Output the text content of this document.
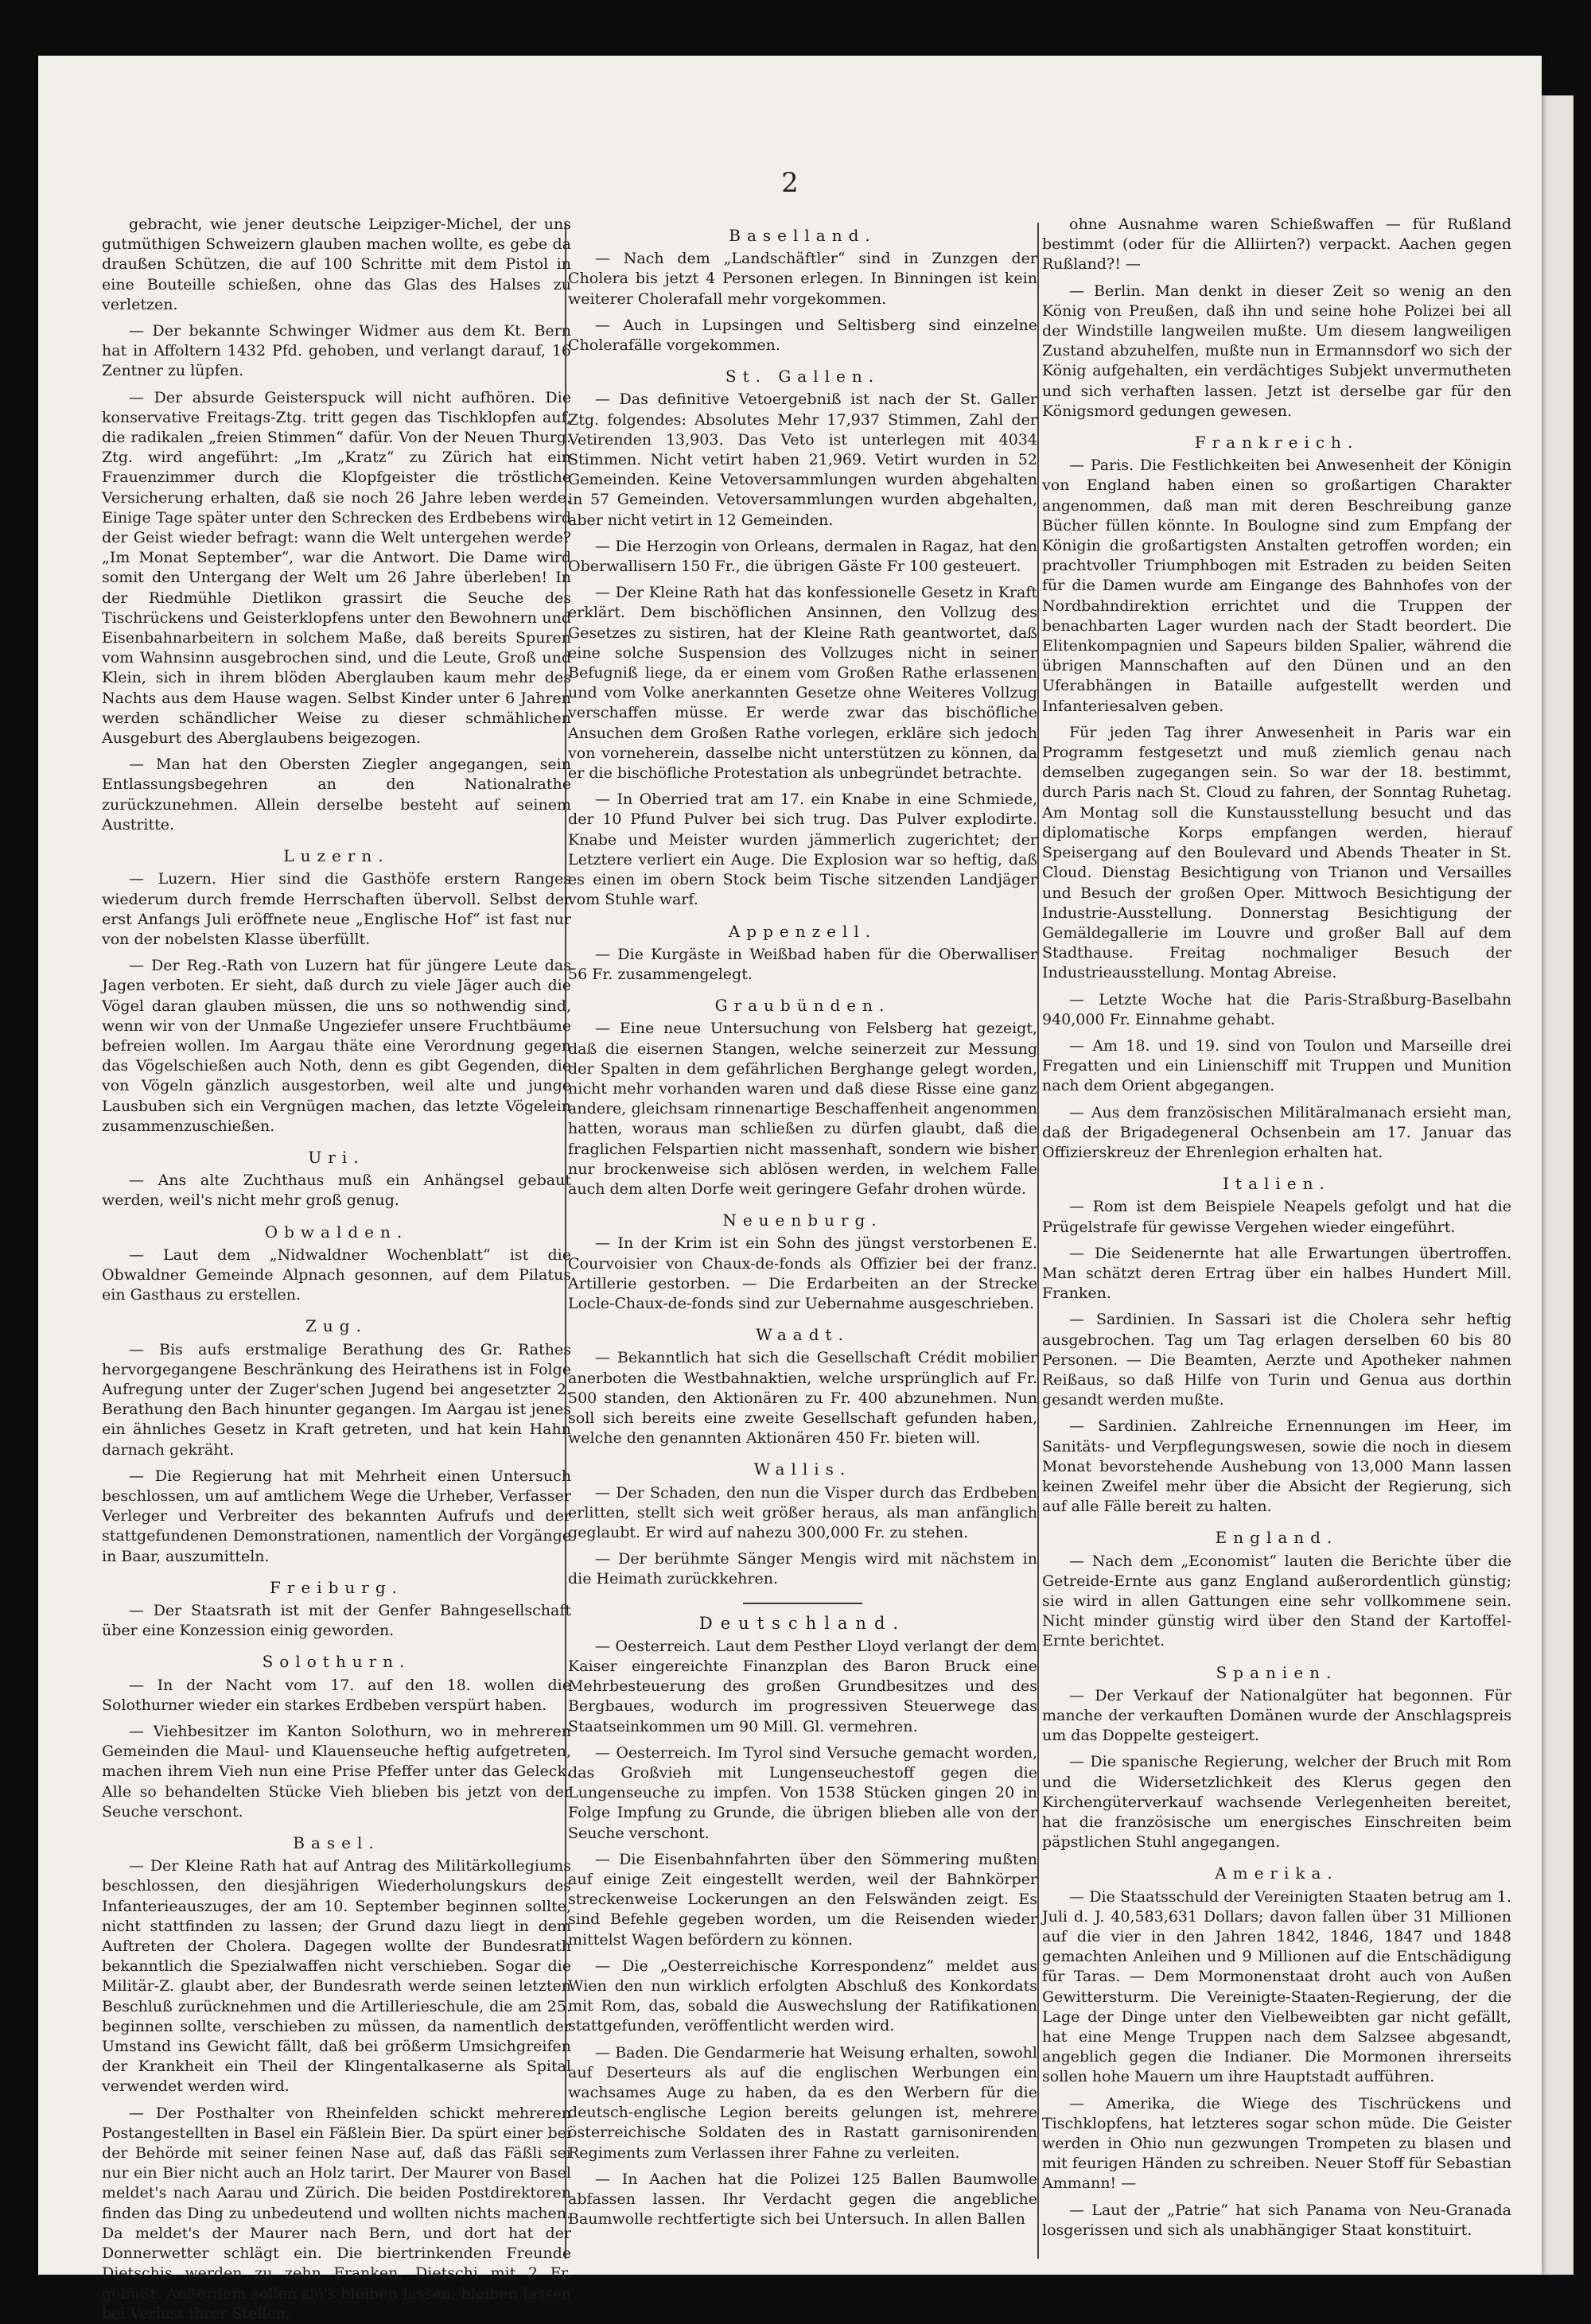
2
gebracht, wie jener deutsche Leipziger-Michel, der uns gutmüthigen Schweizern glauben machen wollte, es gebe da draußen Schützen, die auf 100 Schritte mit dem Pistol in eine Bouteille schießen, ohne das Glas des Halses zu verletzen.
— Der bekannte Schwinger Widmer aus dem Kt. Bern hat in Affoltern 1432 Pfd. gehoben, und verlangt darauf, 16 Zentner zu lüpfen.
— Der absurde Geisterspuck will nicht aufhören. Die konservative Freitags-Ztg. tritt gegen das Tischklopfen auf, die radikalen „freien Stimmen“ dafür. Von der Neuen Thurg. Ztg. wird angeführt: „Im „Kratz“ zu Zürich hat ein Frauenzimmer durch die Klopfgeister die tröstliche Versicherung erhalten, daß sie noch 26 Jahre leben werde. Einige Tage später unter den Schrecken des Erdbebens wird der Geist wieder befragt: wann die Welt untergehen werde? „Im Monat September“, war die Antwort. Die Dame wird somit den Untergang der Welt um 26 Jahre überleben! In der Riedmühle Dietlikon grassirt die Seuche des Tischrückens und Geisterklopfens unter den Bewohnern und Eisenbahnarbeitern in solchem Maße, daß bereits Spuren vom Wahnsinn ausgebrochen sind, und die Leute, Groß und Klein, sich in ihrem blöden Aberglauben kaum mehr des Nachts aus dem Hause wagen. Selbst Kinder unter 6 Jahren werden schändlicher Weise zu dieser schmählichen Ausgeburt des Aberglaubens beigezogen.
— Man hat den Obersten Ziegler angegangen, sein Entlassungsbegehren an den Nationalrathe zurückzunehmen. Allein derselbe besteht auf seinem Austritte.
Luzern.
— Luzern. Hier sind die Gasthöfe erstern Ranges wiederum durch fremde Herrschaften übervoll. Selbst der erst Anfangs Juli eröffnete neue „Englische Hof“ ist fast nur von der nobelsten Klasse überfüllt.
— Der Reg.-Rath von Luzern hat für jüngere Leute das Jagen verboten. Er sieht, daß durch zu viele Jäger auch die Vögel daran glauben müssen, die uns so nothwendig sind, wenn wir von der Unmaße Ungeziefer unsere Fruchtbäume befreien wollen. Im Aargau thäte eine Verordnung gegen das Vögelschießen auch Noth, denn es gibt Gegenden, die von Vögeln gänzlich ausgestorben, weil alte und junge Lausbuben sich ein Vergnügen machen, das letzte Vögelein zusammenzuschießen.
Uri.
— Ans alte Zuchthaus muß ein Anhängsel gebaut werden, weil's nicht mehr groß genug.
Obwalden.
— Laut dem „Nidwaldner Wochenblatt“ ist die Obwaldner Gemeinde Alpnach gesonnen, auf dem Pilatus ein Gasthaus zu erstellen.
Zug.
— Bis aufs erstmalige Berathung des Gr. Rathes hervorgegangene Beschränkung des Heirathens ist in Folge Aufregung unter der Zuger'schen Jugend bei angesetzter 2. Berathung den Bach hinunter gegangen. Im Aargau ist jenes ein ähnliches Gesetz in Kraft getreten, und hat kein Hahn darnach gekräht.
— Die Regierung hat mit Mehrheit einen Untersuch beschlossen, um auf amtlichem Wege die Urheber, Verfasser Verleger und Verbreiter des bekannten Aufrufs und der stattgefundenen Demonstrationen, namentlich der Vorgänge in Baar, auszumitteln.
Freiburg.
— Der Staatsrath ist mit der Genfer Bahngesellschaft über eine Konzession einig geworden.
Solothurn.
— In der Nacht vom 17. auf den 18. wollen die Solothurner wieder ein starkes Erdbeben verspürt haben.
— Viehbesitzer im Kanton Solothurn, wo in mehreren Gemeinden die Maul- und Klauenseuche heftig aufgetreten, machen ihrem Vieh nun eine Prise Pfeffer unter das Geleck. Alle so behandelten Stücke Vieh blieben bis jetzt von der Seuche verschont.
Basel.
— Der Kleine Rath hat auf Antrag des Militärkollegiums beschlossen, den diesjährigen Wiederholungskurs des Infanterieauszuges, der am 10. September beginnen sollte, nicht stattfinden zu lassen; der Grund dazu liegt in dem Auftreten der Cholera. Dagegen wollte der Bundesrath bekanntlich die Spezialwaffen nicht verschieben. Sogar die Militär-Z. glaubt aber, der Bundesrath werde seinen letzten Beschluß zurücknehmen und die Artillerieschule, die am 25. beginnen sollte, verschieben zu müssen, da namentlich der Umstand ins Gewicht fällt, daß bei größerm Umsichgreifen der Krankheit ein Theil der Klingentalkaserne als Spital verwendet werden wird.
— Der Posthalter von Rheinfelden schickt mehreren Postangestellten in Basel ein Fäßlein Bier. Da spürt einer bei der Behörde mit seiner feinen Nase auf, daß das Fäßli sei nur ein Bier nicht auch an Holz tarirt. Der Maurer von Basel meldet's nach Aarau und Zürich. Die beiden Postdirektoren finden das Ding zu unbedeutend und wollten nichts machen. Da meldet's der Maurer nach Bern, und dort hat der Donnerwetter schlägt ein. Die biertrinkenden Freunde Dietschis werden zu zehn Franken, Dietschi mit 2 Fr. gebüßt. Außerdem sollen sie's bleiben lassen, bleiben lassen bei Verlust ihrer Stellen.
Baselland.
— Nach dem „Landschäftler“ sind in Zunzgen der Cholera bis jetzt 4 Personen erlegen. In Binningen ist kein weiterer Cholerafall mehr vorgekommen.
— Auch in Lupsingen und Seltisberg sind einzelne Cholerafälle vorgekommen.
St. Gallen.
— Das definitive Vetoergebniß ist nach der St. Galler Ztg. folgendes: Absolutes Mehr 17,937 Stimmen, Zahl der Vetirenden 13,903. Das Veto ist unterlegen mit 4034 Stimmen. Nicht vetirt haben 21,969. Vetirt wurden in 52 Gemeinden. Keine Vetoversammlungen wurden abgehalten in 57 Gemeinden. Vetoversammlungen wurden abgehalten, aber nicht vetirt in 12 Gemeinden.
— Die Herzogin von Orleans, dermalen in Ragaz, hat den Oberwallisern 150 Fr., die übrigen Gäste Fr 100 gesteuert.
— Der Kleine Rath hat das konfessionelle Gesetz in Kraft erklärt. Dem bischöflichen Ansinnen, den Vollzug des Gesetzes zu sistiren, hat der Kleine Rath geantwortet, daß eine solche Suspension des Vollzuges nicht in seiner Befugniß liege, da er einem vom Großen Rathe erlassenen und vom Volke anerkannten Gesetze ohne Weiteres Vollzug verschaffen müsse. Er werde zwar das bischöfliche Ansuchen dem Großen Rathe vorlegen, erkläre sich jedoch von vorneherein, dasselbe nicht unterstützen zu können, da er die bischöfliche Protestation als unbegründet betrachte.
— In Oberried trat am 17. ein Knabe in eine Schmiede, der 10 Pfund Pulver bei sich trug. Das Pulver explodirte. Knabe und Meister wurden jämmerlich zugerichtet; der Letztere verliert ein Auge. Die Explosion war so heftig, daß es einen im obern Stock beim Tische sitzenden Landjäger vom Stuhle warf.
Appenzell.
— Die Kurgäste in Weißbad haben für die Oberwalliser 56 Fr. zusammengelegt.
Graubünden.
— Eine neue Untersuchung von Felsberg hat gezeigt, daß die eisernen Stangen, welche seinerzeit zur Messung der Spalten in dem gefährlichen Berghange gelegt worden, nicht mehr vorhanden waren und daß diese Risse eine ganz andere, gleichsam rinnenartige Beschaffenheit angenommen hatten, woraus man schließen zu dürfen glaubt, daß die fraglichen Felspartien nicht massenhaft, sondern wie bisher nur brockenweise sich ablösen werden, in welchem Falle auch dem alten Dorfe weit geringere Gefahr drohen würde.
Neuenburg.
— In der Krim ist ein Sohn des jüngst verstorbenen E. Courvoisier von Chaux-de-fonds als Offizier bei der franz. Artillerie gestorben. — Die Erdarbeiten an der Strecke Locle-Chaux-de-fonds sind zur Uebernahme ausgeschrieben.
Waadt.
— Bekanntlich hat sich die Gesellschaft Crédit mobilier anerboten die Westbahnaktien, welche ursprünglich auf Fr. 500 standen, den Aktionären zu Fr. 400 abzunehmen. Nun soll sich bereits eine zweite Gesellschaft gefunden haben, welche den genannten Aktionären 450 Fr. bieten will.
Wallis.
— Der Schaden, den nun die Visper durch das Erdbeben erlitten, stellt sich weit größer heraus, als man anfänglich geglaubt. Er wird auf nahezu 300,000 Fr. zu stehen.
— Der berühmte Sänger Mengis wird mit nächstem in die Heimath zurückkehren.
Deutschland.
— Oesterreich. Laut dem Pesther Lloyd verlangt der dem Kaiser eingereichte Finanzplan des Baron Bruck eine Mehrbesteuerung des großen Grundbesitzes und des Bergbaues, wodurch im progressiven Steuerwege das Staatseinkommen um 90 Mill. Gl. vermehren.
— Oesterreich. Im Tyrol sind Versuche gemacht worden, das Großvieh mit Lungenseuchestoff gegen die Lungenseuche zu impfen. Von 1538 Stücken gingen 20 in Folge Impfung zu Grunde, die übrigen blieben alle von der Seuche verschont.
— Die Eisenbahnfahrten über den Sömmering mußten auf einige Zeit eingestellt werden, weil der Bahnkörper streckenweise Lockerungen an den Felswänden zeigt. Es sind Befehle gegeben worden, um die Reisenden wieder mittelst Wagen befördern zu können.
— Die „Oesterreichische Korrespondenz“ meldet aus Wien den nun wirklich erfolgten Abschluß des Konkordats mit Rom, das, sobald die Auswechslung der Ratifikationen stattgefunden, veröffentlicht werden wird.
— Baden. Die Gendarmerie hat Weisung erhalten, sowohl auf Deserteurs als auf die englischen Werbungen ein wachsames Auge zu haben, da es den Werbern für die deutsch-englische Legion bereits gelungen ist, mehrere österreichische Soldaten des in Rastatt garnisonirenden Regiments zum Verlassen ihrer Fahne zu verleiten.
— In Aachen hat die Polizei 125 Ballen Baumwolle abfassen lassen. Ihr Verdacht gegen die angebliche Baumwolle rechtfertigte sich bei Untersuch. In allen Ballen
ohne Ausnahme waren Schießwaffen — für Rußland bestimmt (oder für die Alliirten?) verpackt. Aachen gegen Rußland?! —
— Berlin. Man denkt in dieser Zeit so wenig an den König von Preußen, daß ihn und seine hohe Polizei bei all der Windstille langweilen mußte. Um diesem langweiligen Zustand abzuhelfen, mußte nun in Ermannsdorf wo sich der König aufgehalten, ein verdächtiges Subjekt unvermutheten und sich verhaften lassen. Jetzt ist derselbe gar für den Königsmord gedungen gewesen.
Frankreich.
— Paris. Die Festlichkeiten bei Anwesenheit der Königin von England haben einen so großartigen Charakter angenommen, daß man mit deren Beschreibung ganze Bücher füllen könnte. In Boulogne sind zum Empfang der Königin die großartigsten Anstalten getroffen worden; ein prachtvoller Triumphbogen mit Estraden zu beiden Seiten für die Damen wurde am Eingange des Bahnhofes von der Nordbahndirektion errichtet und die Truppen der benachbarten Lager wurden nach der Stadt beordert. Die Elitenkompagnien und Sapeurs bilden Spalier, während die übrigen Mannschaften auf den Dünen und an den Uferabhängen in Bataille aufgestellt werden und Infanteriesalven geben.
Für jeden Tag ihrer Anwesenheit in Paris war ein Programm festgesetzt und muß ziemlich genau nach demselben zugegangen sein. So war der 18. bestimmt, durch Paris nach St. Cloud zu fahren, der Sonntag Ruhetag. Am Montag soll die Kunstausstellung besucht und das diplomatische Korps empfangen werden, hierauf Speisergang auf den Boulevard und Abends Theater in St. Cloud. Dienstag Besichtigung von Trianon und Versailles und Besuch der großen Oper. Mittwoch Besichtigung der Industrie-Ausstellung. Donnerstag Besichtigung der Gemäldegallerie im Louvre und großer Ball auf dem Stadthause. Freitag nochmaliger Besuch der Industrieausstellung. Montag Abreise.
— Letzte Woche hat die Paris-Straßburg-Baselbahn 940,000 Fr. Einnahme gehabt.
— Am 18. und 19. sind von Toulon und Marseille drei Fregatten und ein Linienschiff mit Truppen und Munition nach dem Orient abgegangen.
— Aus dem französischen Militäralmanach ersieht man, daß der Brigadegeneral Ochsenbein am 17. Januar das Offizierskreuz der Ehrenlegion erhalten hat.
Italien.
— Rom ist dem Beispiele Neapels gefolgt und hat die Prügelstrafe für gewisse Vergehen wieder eingeführt.
— Die Seidenernte hat alle Erwartungen übertroffen. Man schätzt deren Ertrag über ein halbes Hundert Mill. Franken.
— Sardinien. In Sassari ist die Cholera sehr heftig ausgebrochen. Tag um Tag erlagen derselben 60 bis 80 Personen. — Die Beamten, Aerzte und Apotheker nahmen Reißaus, so daß Hilfe von Turin und Genua aus dorthin gesandt werden mußte.
— Sardinien. Zahlreiche Ernennungen im Heer, im Sanitäts- und Verpflegungswesen, sowie die noch in diesem Monat bevorstehende Aushebung von 13,000 Mann lassen keinen Zweifel mehr über die Absicht der Regierung, sich auf alle Fälle bereit zu halten.
England.
— Nach dem „Economist“ lauten die Berichte über die Getreide-Ernte aus ganz England außerordentlich günstig; sie wird in allen Gattungen eine sehr vollkommene sein. Nicht minder günstig wird über den Stand der Kartoffel-Ernte berichtet.
Spanien.
— Der Verkauf der Nationalgüter hat begonnen. Für manche der verkauften Domänen wurde der Anschlagspreis um das Doppelte gesteigert.
— Die spanische Regierung, welcher der Bruch mit Rom und die Widersetzlichkeit des Klerus gegen den Kirchengüterverkauf wachsende Verlegenheiten bereitet, hat die französische um energisches Einschreiten beim päpstlichen Stuhl angegangen.
Amerika.
— Die Staatsschuld der Vereinigten Staaten betrug am 1. Juli d. J. 40,583,631 Dollars; davon fallen über 31 Millionen auf die vier in den Jahren 1842, 1846, 1847 und 1848 gemachten Anleihen und 9 Millionen auf die Entschädigung für Taras. — Dem Mormonenstaat droht auch von Außen Gewittersturm. Die Vereinigte-Staaten-Regierung, der die Lage der Dinge unter den Vielbeweibten gar nicht gefällt, hat eine Menge Truppen nach dem Salzsee abgesandt, angeblich gegen die Indianer. Die Mormonen ihrerseits sollen hohe Mauern um ihre Hauptstadt aufführen.
— Amerika, die Wiege des Tischrückens und Tischklopfens, hat letzteres sogar schon müde. Die Geister werden in Ohio nun gezwungen Trompeten zu blasen und mit feurigen Händen zu schreiben. Neuer Stoff für Sebastian Ammann! —
— Laut der „Patrie“ hat sich Panama von Neu-Granada losgerissen und sich als unabhängiger Staat konstituirt.
